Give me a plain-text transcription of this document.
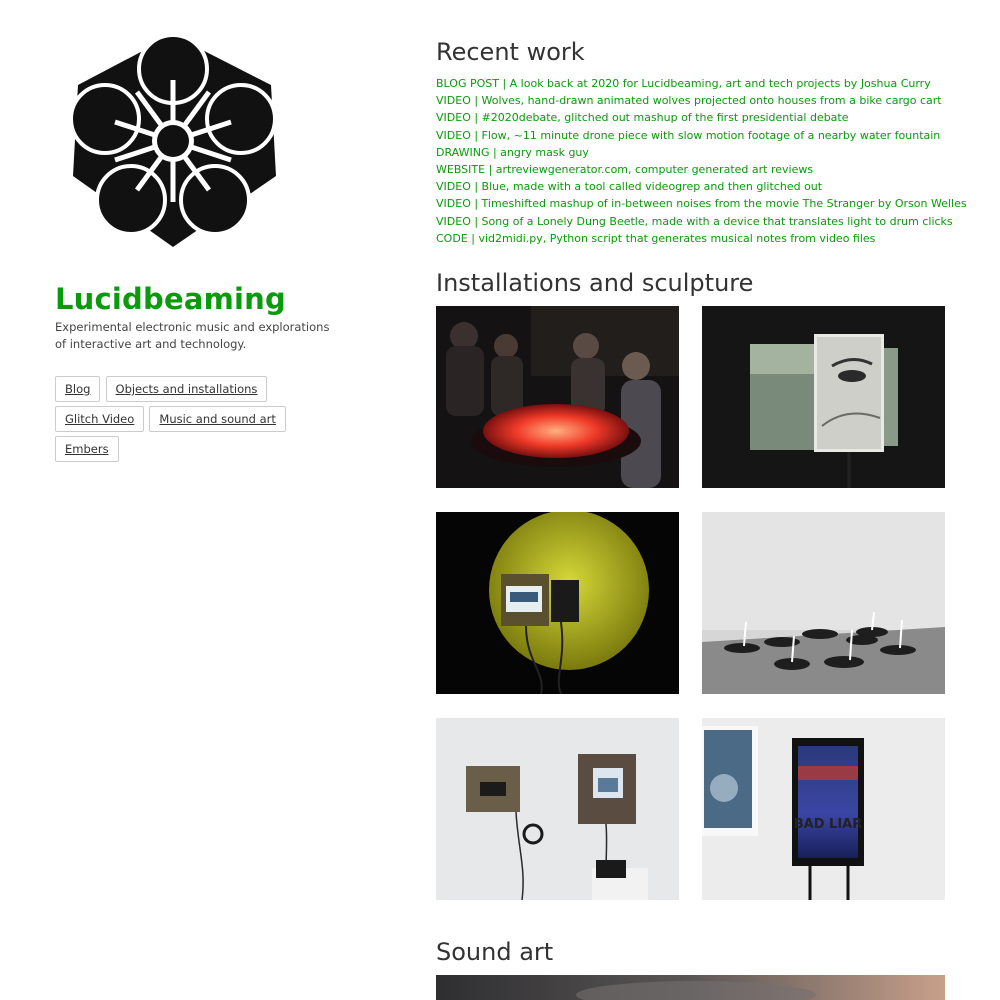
Lucidbeaming

Experimental electronic music and explorations of interactive art and technology.

Blog Objects and installations Glitch Video Music and sound art Embers
Recent work
BLOG POST | A look back at 2020 for Lucidbeaming, art and tech projects by Joshua Curry
VIDEO | Wolves, hand-drawn animated wolves projected onto houses from a bike cargo cart
VIDEO | #2020debate, glitched out mashup of the first presidential debate
VIDEO | Flow, ~11 minute drone piece with slow motion footage of a nearby water fountain
DRAWING | angry mask guy
WEBSITE | artreviewgenerator.com, computer generated art reviews
VIDEO | Blue, made with a tool called videogrep and then glitched out
VIDEO | Timeshifted mashup of in-between noises from the movie The Stranger by Orson Welles
VIDEO | Song of a Lonely Dung Beetle, made with a device that translates light to drum clicks
CODE | vid2midi.py, Python script that generates musical notes from video files
Installations and sculpture
BAD LIAR
Sound art
